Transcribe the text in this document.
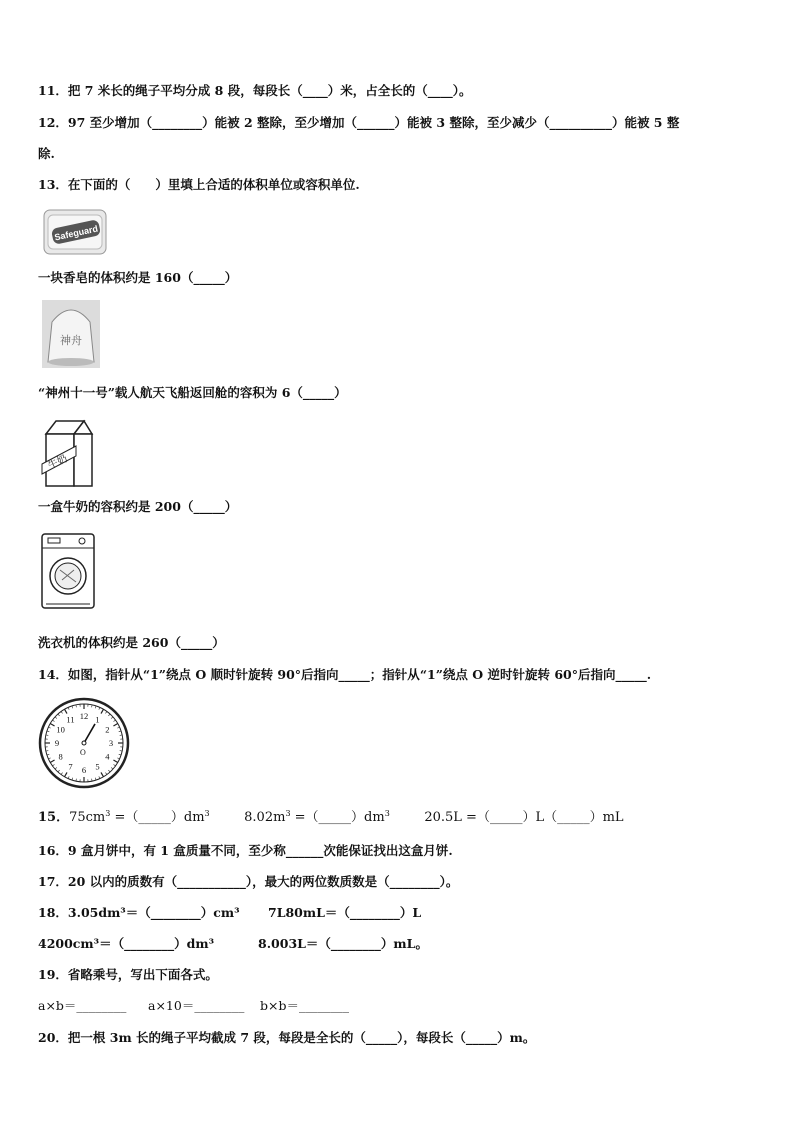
11．把 7 米长的绳子平均分成 8 段，每段长（____）米，占全长的（____）。
12．97 至少增加（________）能被 2 整除，至少增加（______）能被 3 整除，至少减少（__________）能被 5 整
除.
13．在下面的（　　）里填上合适的体积单位或容积单位.
Safeguard
一块香皂的体积约是 160（_____）
神舟
“神州十一号”载人航天飞船返回舱的容积为 6（_____）
牛奶
一盒牛奶的容积约是 200（_____）
洗衣机的体积约是 260（_____）
14．如图，指针从“1”绕点 O 顺时针旋转 90°后指向_____；指针从“1”绕点 O 逆时针旋转 60°后指向_____.
12 1
2
3
4
5
6
7
8
9
10
11
O
15．$75cm^3$ $=(\_\_\_\_\_)dm^3$	$8.02m^3$ $=(\_\_\_\_\_)dm^3$	20.5L =（_____）L（_____）mL
16．9 盒月饼中，有 1 盒质量不同，至少称______次能保证找出这盒月饼.
17．20 以内的质数有（___________），最大的两位数质数是（________）。
18．3.05dm³＝（________）cm³ 7L80mL＝（________）L
4200cm³＝（________）dm³	8.003L＝（________）mL。
19．省略乘号，写出下面各式。
a×b＝________ a×10＝________ b×b＝________
20．把一根 3m 长的绳子平均截成 7 段，每段是全长的（_____），每段长（_____）m。
